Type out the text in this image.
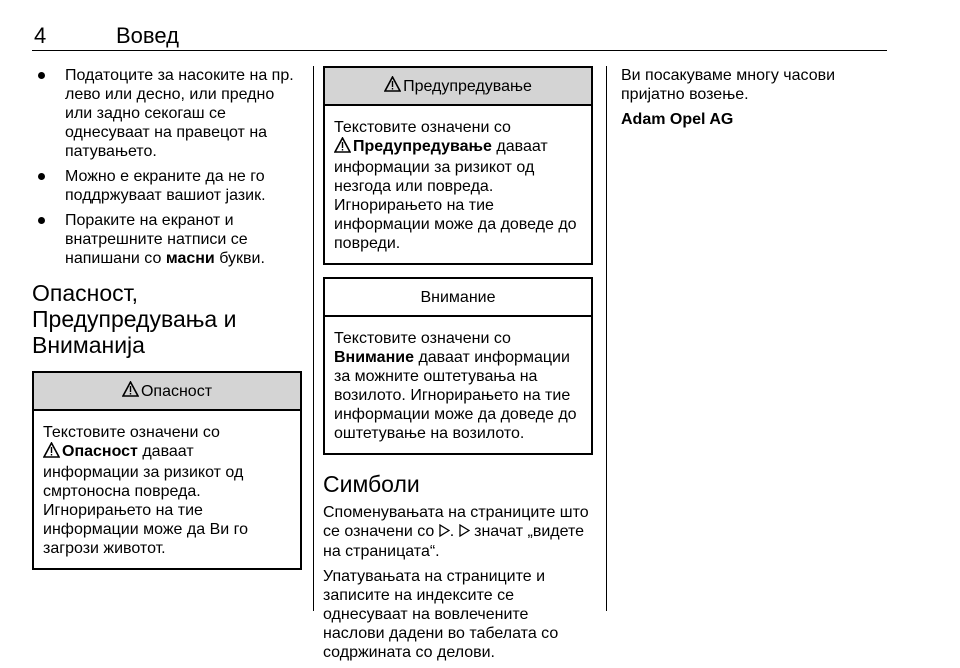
4	Вовед
Податоците за насоките на пр. лево или десно, или предно или задно секогаш се однесуваат на правецот на патувањето.
Можно е екраните да не го поддржуваат вашиот јазик.
Пораките на екранот и внатрешните натписи се напишани со масни букви.
Опасност,
Предупредувања и
Внимaнија
Опасност
Текстовите означени со
Опасност даваат информации за ризикот од смртоносна повреда. Игнорирањето на тие информации може да Ви го загрози животот.
Предупредување
Текстовите означени со
Предупредување даваат информации за ризикот од незгода или повреда. Игнорирањето на тие информации може да доведе до повреди.
Внимание
Текстовите означени со
Внимание даваат информации за можните оштетувања на возилото. Игнорирањето на тие информации може да доведе до оштетување на возилото.
Симболи

Споменувањата на страниците што се означени со .  значат „видете на страницата“.

Упатувањата на страниците и записите на индексите се однесуваат на вовлечените наслови дадени во табелата со содржината со делови.

Ви посакуваме многу часови пријатно возење.

Adam Opel AG
